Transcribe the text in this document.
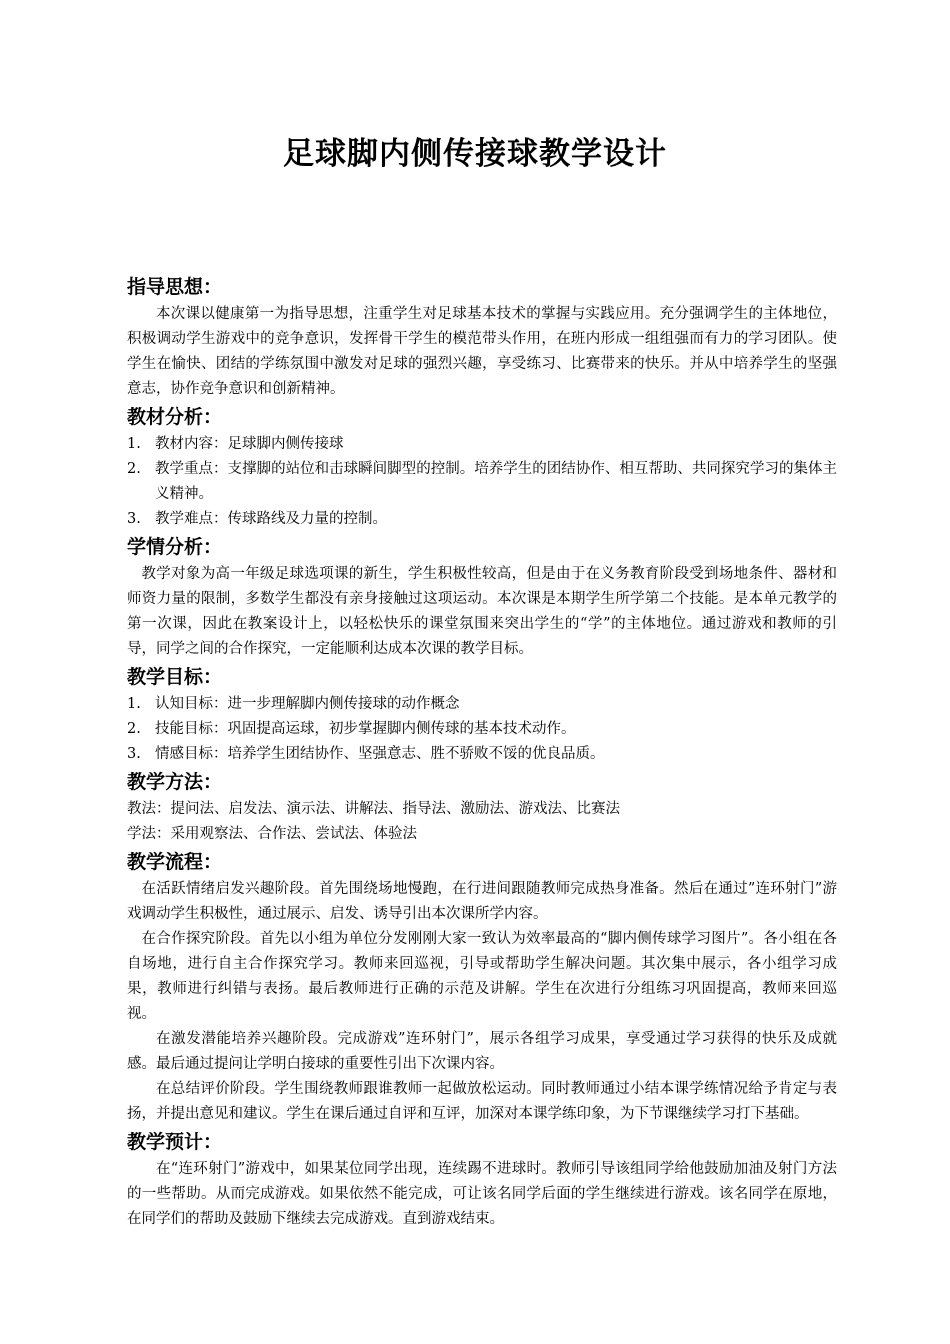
足球脚内侧传接球教学设计
指导思想：

本次课以健康第一为指导思想，注重学生对足球基本技术的掌握与实践应用。充分强调学生的主体地位，积极调动学生游戏中的竞争意识，发挥骨干学生的模范带头作用，在班内形成一组组强而有力的学习团队。使学生在愉快、团结的学练氛围中激发对足球的强烈兴趣，享受练习、比赛带来的快乐。并从中培养学生的坚强意志，协作竞争意识和创新精神。

教材分析：
1. 教材内容：足球脚内侧传接球
2. 教学重点：支撑脚的站位和击球瞬间脚型的控制。培养学生的团结协作、相互帮助、共同探究学习的集体主义精神。
3. 教学难点：传球路线及力量的控制。
学情分析：

教学对象为高一年级足球选项课的新生，学生积极性较高，但是由于在义务教育阶段受到场地条件、器材和师资力量的限制，多数学生都没有亲身接触过这项运动。本次课是本期学生所学第二个技能。是本单元教学的第一次课，因此在教案设计上，以轻松快乐的课堂氛围来突出学生的“学”的主体地位。通过游戏和教师的引导，同学之间的合作探究，一定能顺利达成本次课的教学目标。

教学目标：
1. 认知目标：进一步理解脚内侧传接球的动作概念
2. 技能目标：巩固提高运球，初步掌握脚内侧传球的基本技术动作。
3. 情感目标：培养学生团结协作、坚强意志、胜不骄败不馁的优良品质。
教学方法：

教法：提问法、启发法、演示法、讲解法、指导法、激励法、游戏法、比赛法

学法：采用观察法、合作法、尝试法、体验法

教学流程：

在活跃情绪启发兴趣阶段。首先围绕场地慢跑，在行进间跟随教师完成热身准备。然后在通过”连环射门”游戏调动学生积极性，通过展示、启发、诱导引出本次课所学内容。

在合作探究阶段。首先以小组为单位分发刚刚大家一致认为效率最高的“脚内侧传球学习图片”。各小组在各自场地，进行自主合作探究学习。教师来回巡视，引导或帮助学生解决问题。其次集中展示，各小组学习成果，教师进行纠错与表扬。最后教师进行正确的示范及讲解。学生在次进行分组练习巩固提高，教师来回巡视。

在激发潜能培养兴趣阶段。完成游戏”连环射门”，展示各组学习成果，享受通过学习获得的快乐及成就感。最后通过提问让学明白接球的重要性引出下次课内容。

在总结评价阶段。学生围绕教师跟谁教师一起做放松运动。同时教师通过小结本课学练情况给予肯定与表扬，并提出意见和建议。学生在课后通过自评和互评，加深对本课学练印象，为下节课继续学习打下基础。

教学预计：

在“连环射门”游戏中，如果某位同学出现，连续踢不进球时。教师引导该组同学给他鼓励加油及射门方法的一些帮助。从而完成游戏。如果依然不能完成，可让该名同学后面的学生继续进行游戏。该名同学在原地，在同学们的帮助及鼓励下继续去完成游戏。直到游戏结束。
